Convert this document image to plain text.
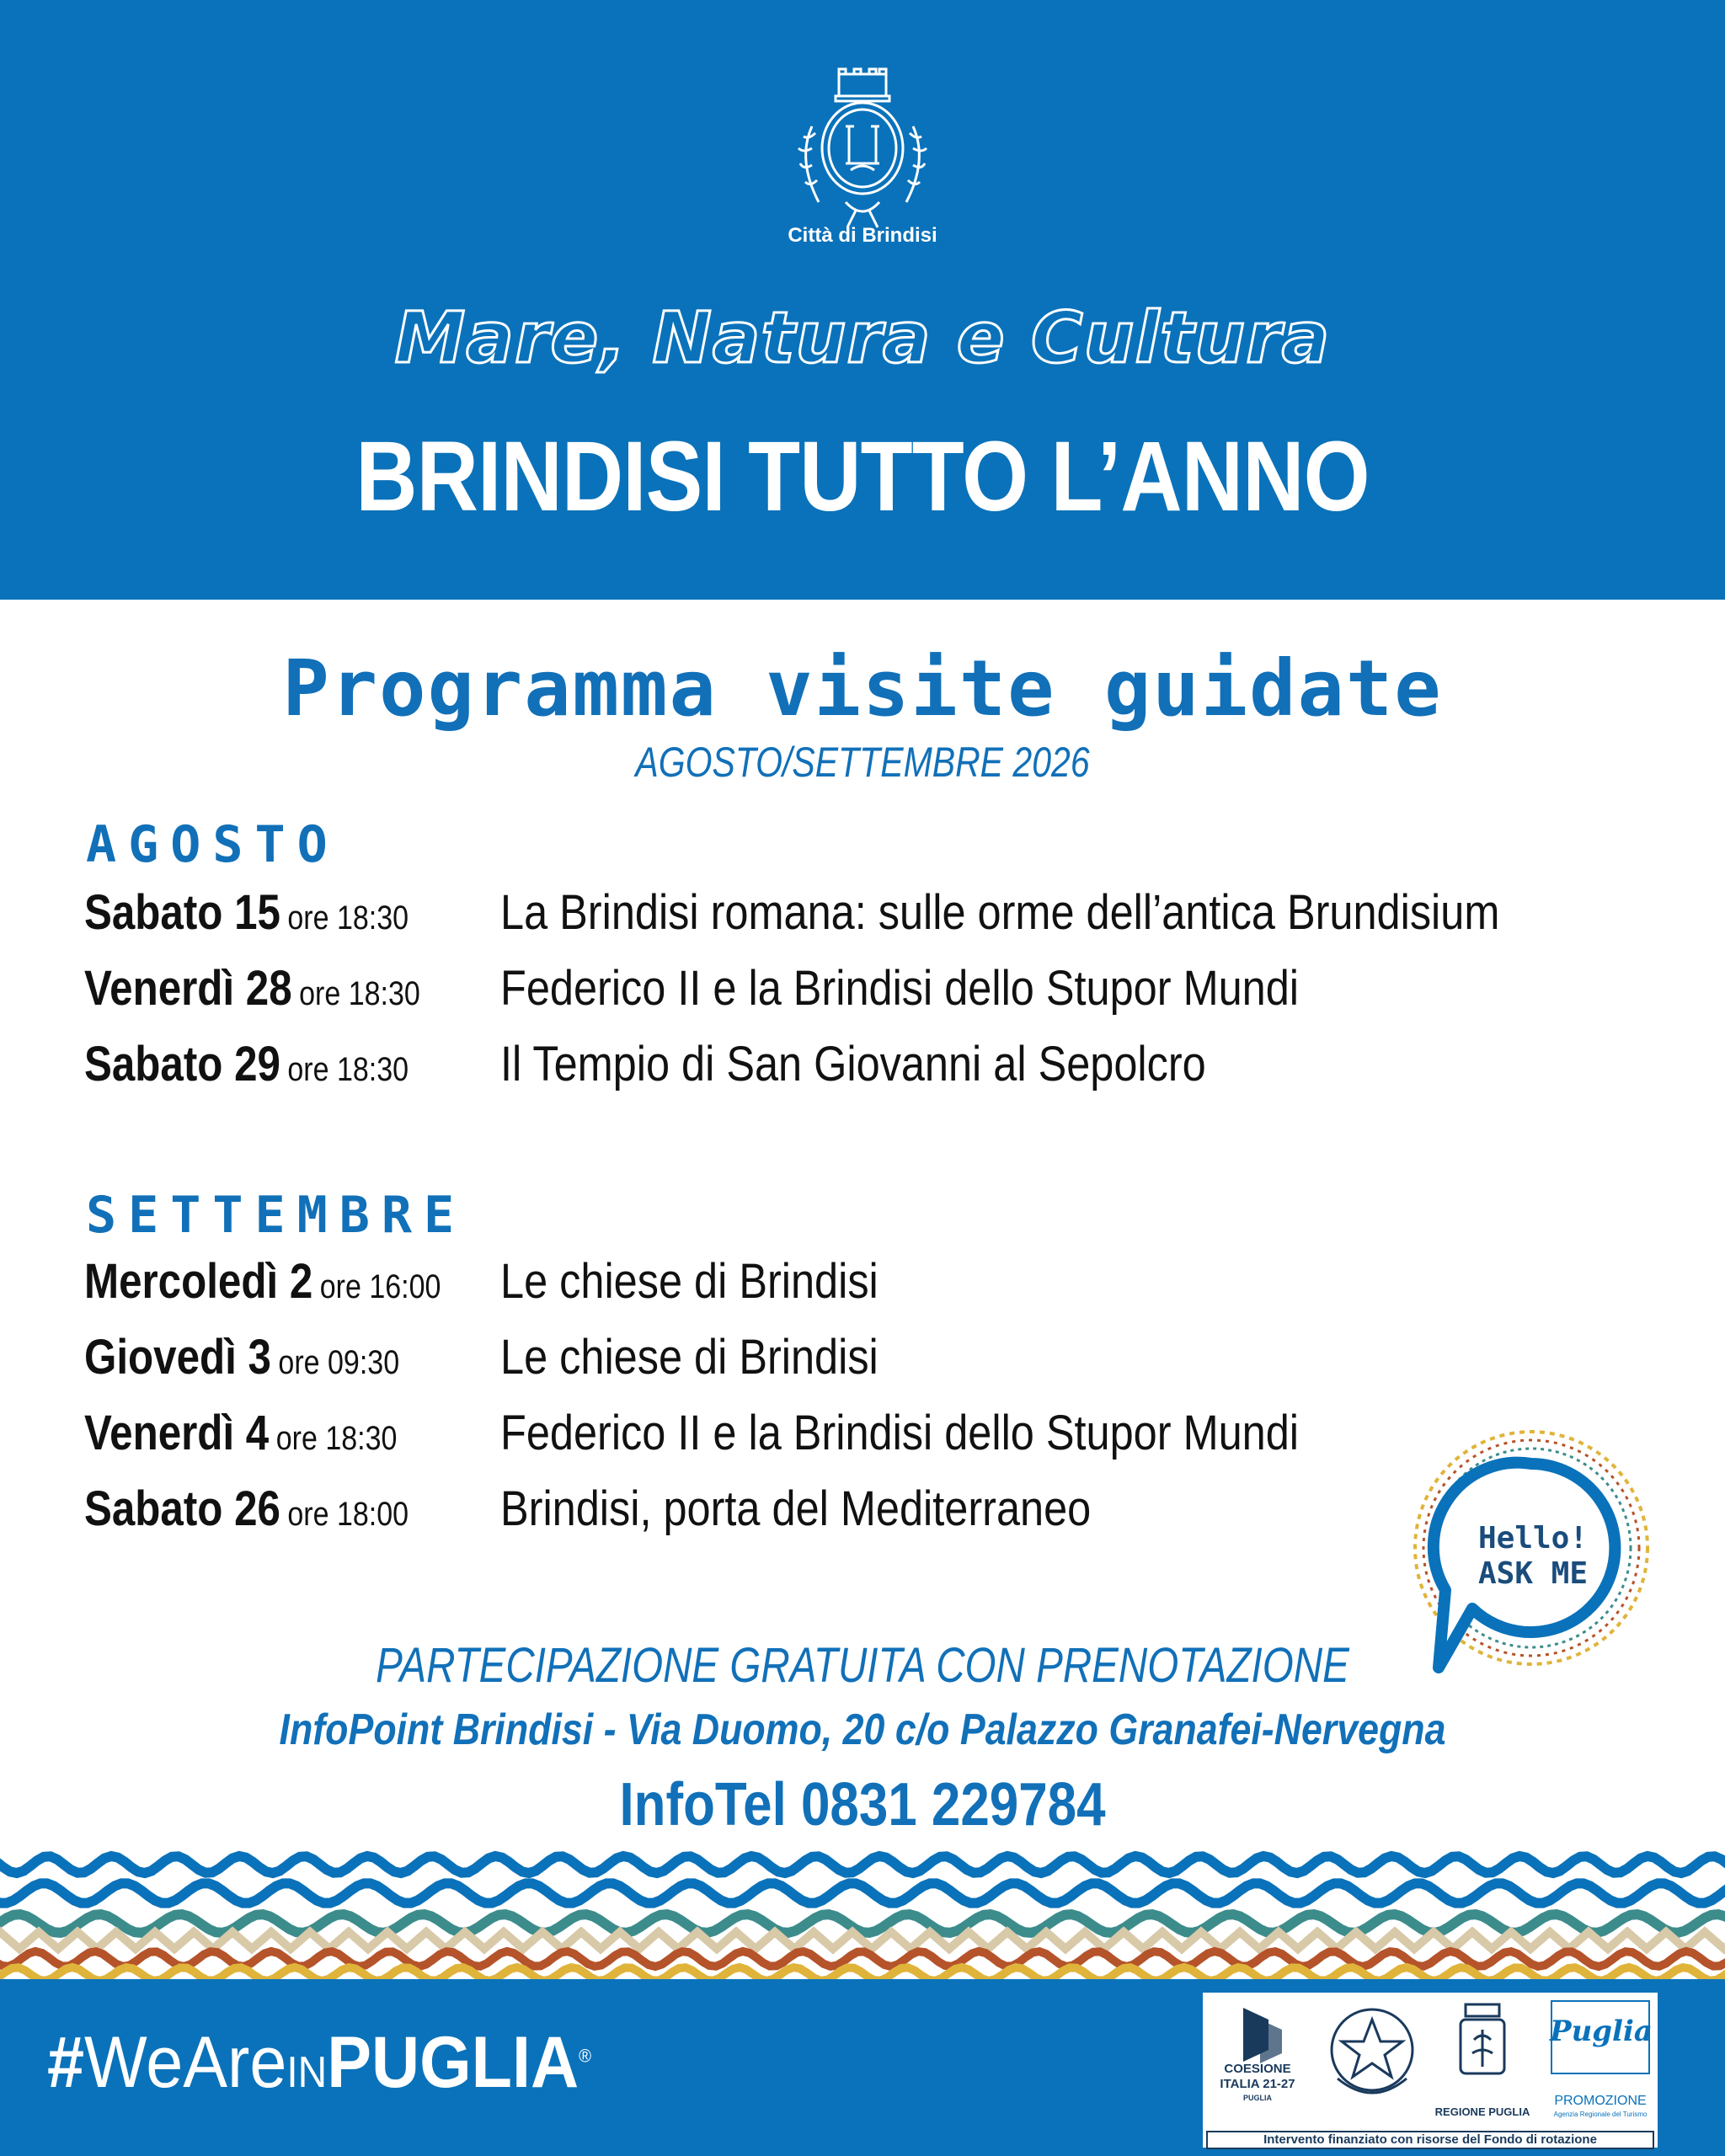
Città di Brindisi
Mare, Natura e Cultura
BRINDISI TUTTO L’ANNO
Programma visite guidate
AGOSTO/SETTEMBRE 2026
AGOSTO
Sabato 15 ore 18:30 La Brindisi romana: sulle orme dell’antica Brundisium
Venerdì 28 ore 18:30 Federico II e la Brindisi dello Stupor Mundi
Sabato 29 ore 18:30 Il Tempio di San Giovanni al Sepolcro
SETTEMBRE
Mercoledì 2 ore 16:00 Le chiese di Brindisi
Giovedì 3 ore 09:30 Le chiese di Brindisi
Venerdì 4 ore 18:30 Federico II e la Brindisi dello Stupor Mundi
Sabato 26 ore 18:00 Brindisi, porta del Mediterraneo
Hello!
ASK ME
PARTECIPAZIONE GRATUITA CON PRENOTAZIONE
InfoPoint Brindisi - Via Duomo, 20 c/o Palazzo Granafei-Nervegna
InfoTel 0831 229784
#WeAreINPUGLIA®
COESIONE
ITALIA 21-27
PUGLIA
REGIONE PUGLIA
Puglia
PROMOZIONE
Agenzia Regionale del Turismo
Intervento finanziato con risorse del Fondo di rotazione
